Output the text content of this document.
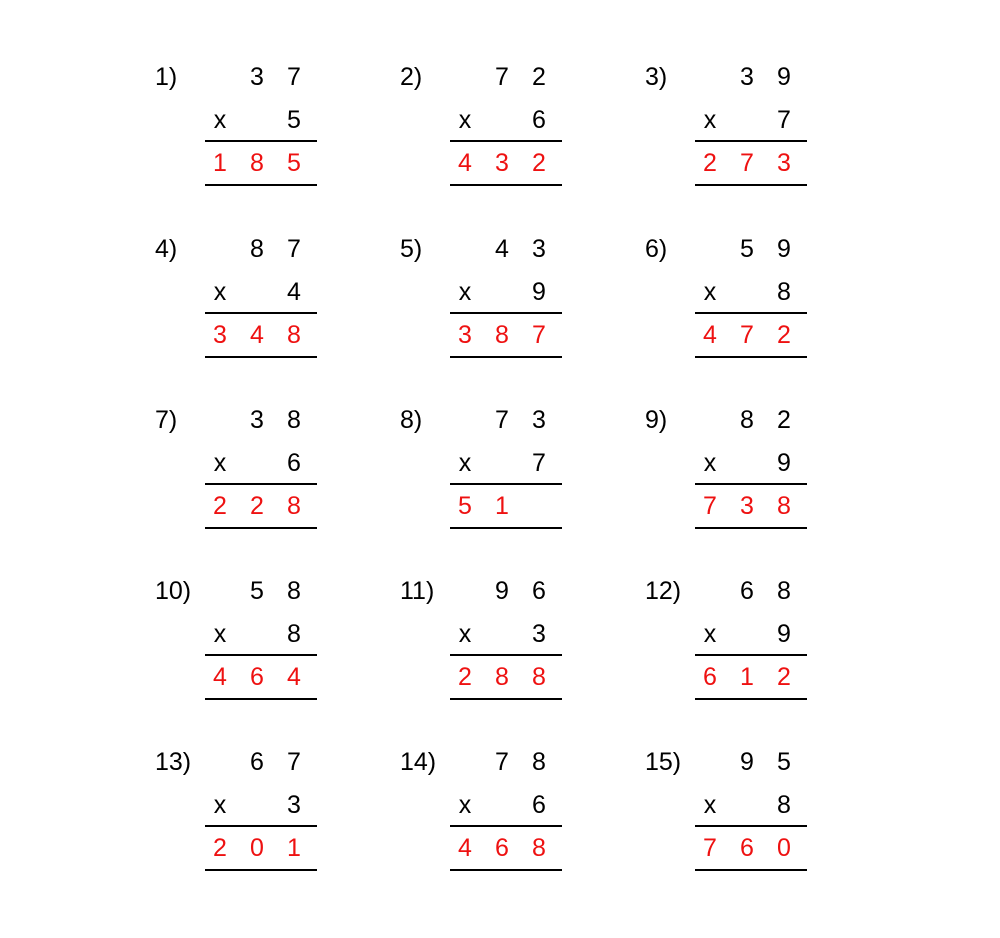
1)	3 7
x 5
1 8 5
2)	7 2
x 6
4 3 2
3)	3 9
x 7
2 7 3
4)	8 7
x 4
3 4 8
5)	4 3
x 9
3 8 7
6)	5 9
x 8
4 7 2
7)	3 8
x 6
2 2 8
8)	7 3
x 7
5 1
9)	8 2
x 9
7 3 8
10) 5 8
x 8
4 6 4
11) 9 6
x 3
2 8 8
12) 6 8
x 9
6 1 2
13) 6 7
x 3
2 0 1
14) 7 8
x 6
4 6 8
15) 9 5
x 8
7 6 0
